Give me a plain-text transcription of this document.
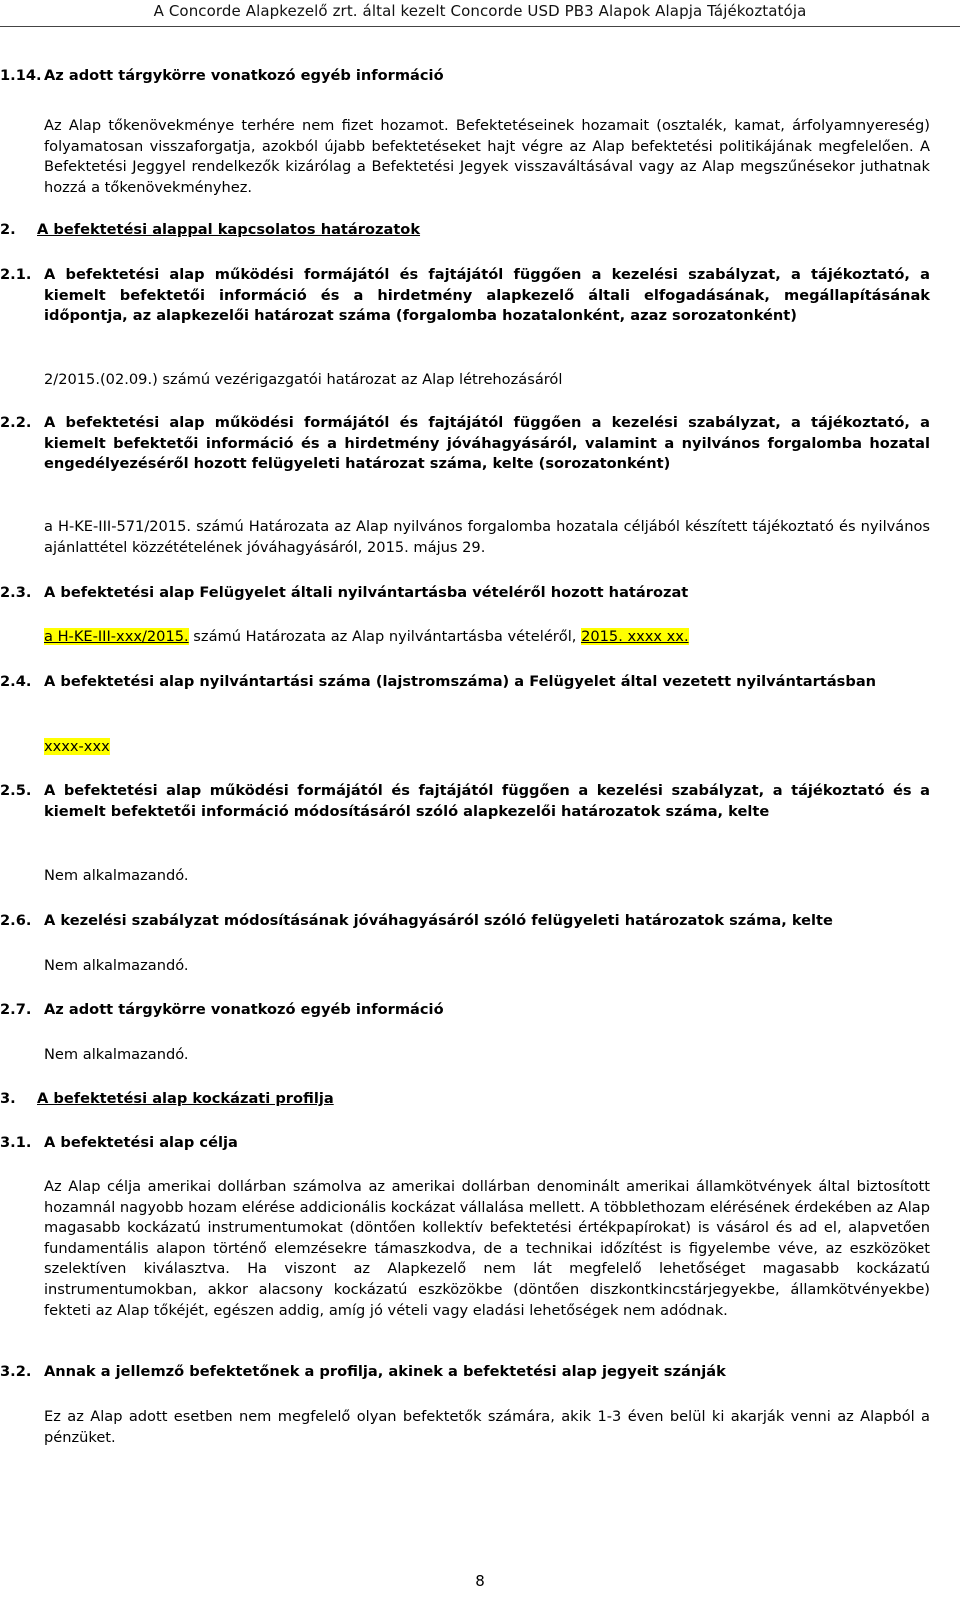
A Concorde Alapkezelő zrt. által kezelt Concorde USD PB3 Alapok Alapja Tájékoztatója
1.14. Az adott tárgykörre vonatkozó egyéb információ
Az Alap tőkenövekménye terhére nem fizet hozamot. Befektetéseinek hozamait (osztalék, kamat, árfolyamnyereség) folyamatosan visszaforgatja, azokból újabb befektetéseket hajt végre az Alap befektetési politikájának megfelelően. A Befektetési Jeggyel rendelkezők kizárólag a Befektetési Jegyek visszaváltásával vagy az Alap megszűnésekor juthatnak hozzá a tőkenövekményhez.
2. A befektetési alappal kapcsolatos határozatok
2.1. A befektetési alap működési formájától és fajtájától függően a kezelési szabályzat, a tájékoztató, a kiemelt befektetői információ és a hirdetmény alapkezelő általi elfogadásának, megállapításának időpontja, az alapkezelői határozat száma (forgalomba hozatalonként, azaz sorozatonként)
2/2015.(02.09.) számú vezérigazgatói határozat az Alap létrehozásáról
2.2. A befektetési alap működési formájától és fajtájától függően a kezelési szabályzat, a tájékoztató, a kiemelt befektetői információ és a hirdetmény jóváhagyásáról, valamint a nyilvános forgalomba hozatal engedélyezéséről hozott felügyeleti határozat száma, kelte (sorozatonként)
a H-KE-III-571/2015. számú Határozata az Alap nyilvános forgalomba hozatala céljából készített tájékoztató és nyilvános ajánlattétel közzétételének jóváhagyásáról, 2015. május 29.
2.3. A befektetési alap Felügyelet általi nyilvántartásba vételéről hozott határozat
a H-KE-III-xxx/2015. számú Határozata az Alap nyilvántartásba vételéről, 2015. xxxx xx.
2.4. A befektetési alap nyilvántartási száma (lajstromszáma) a Felügyelet által vezetett nyilvántartásban
xxxx-xxx
2.5. A befektetési alap működési formájától és fajtájától függően a kezelési szabályzat, a tájékoztató és a kiemelt befektetői információ módosításáról szóló alapkezelői határozatok száma, kelte
Nem alkalmazandó.
2.6. A kezelési szabályzat módosításának jóváhagyásáról szóló felügyeleti határozatok száma, kelte
Nem alkalmazandó.
2.7. Az adott tárgykörre vonatkozó egyéb információ
Nem alkalmazandó.
3. A befektetési alap kockázati profilja
3.1. A befektetési alap célja
Az Alap célja amerikai dollárban számolva az amerikai dollárban denominált amerikai államkötvények által biztosított hozamnál nagyobb hozam elérése addicionális kockázat vállalása mellett. A többlethozam elérésének érdekében az Alap magasabb kockázatú instrumentumokat (döntően kollektív befektetési értékpapírokat) is vásárol és ad el, alapvetően fundamentális alapon történő elemzésekre támaszkodva, de a technikai időzítést is figyelembe véve, az eszközöket szelektíven kiválasztva. Ha viszont az Alapkezelő nem lát megfelelő lehetőséget magasabb kockázatú instrumentumokban, akkor alacsony kockázatú eszközökbe (döntően diszkontkincstárjegyekbe, államkötvényekbe) fekteti az Alap tőkéjét, egészen addig, amíg jó vételi vagy eladási lehetőségek nem adódnak.
3.2. Annak a jellemző befektetőnek a profilja, akinek a befektetési alap jegyeit szánják
Ez az Alap adott esetben nem megfelelő olyan befektetők számára, akik 1-3 éven belül ki akarják venni az Alapból a pénzüket.
8
